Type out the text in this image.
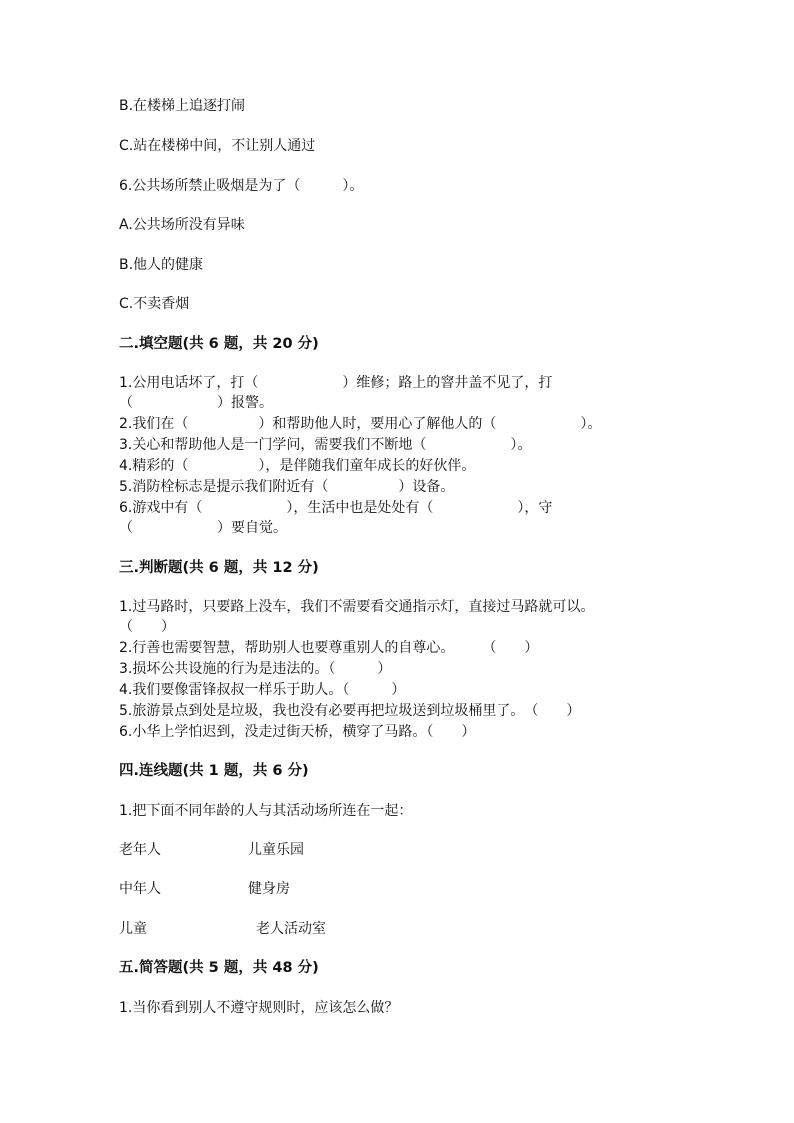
B.在楼梯上追逐打闹
C.站在楼梯中间，不让别人通过
6.公共场所禁止吸烟是为了（　　　）。
A.公共场所没有异味
B.他人的健康
C.不卖香烟
二.填空题(共 6 题，共 20 分)
1.公用电话坏了，打（　　　　　　）维修；路上的窨井盖不见了，打
（　　　　　　）报警。
2.我们在（　　　　　）和帮助他人时，要用心了解他人的（　　　　　　）。
3.关心和帮助他人是一门学问，需要我们不断地（　　　　　　）。
4.精彩的（　　　　　），是伴随我们童年成长的好伙伴。
5.消防栓标志是提示我们附近有（　　　　　）设备。
6.游戏中有（　　　　　　），生活中也是处处有（　　　　　　），守
（　　　　　　）要自觉。
三.判断题(共 6 题，共 12 分)
1.过马路时，只要路上没车，我们不需要看交通指示灯，直接过马路就可以。
（　　）
2.行善也需要智慧，帮助别人也要尊重别人的自尊心。　　　（　　）
3.损坏公共设施的行为是违法的。（　　　）
4.我们要像雷锋叔叔一样乐于助人。（　　　）
5.旅游景点到处是垃圾，我也没有必要再把垃圾送到垃圾桶里了。　（　　）
6.小华上学怕迟到，没走过街天桥，横穿了马路。（　　）
四.连线题(共 1 题，共 6 分)
1.把下面不同年龄的人与其活动场所连在一起：
老年人	儿童乐园
中年人	健身房
儿童	老人活动室
五.简答题(共 5 题，共 48 分)
1.当你看到别人不遵守规则时，应该怎么做？
